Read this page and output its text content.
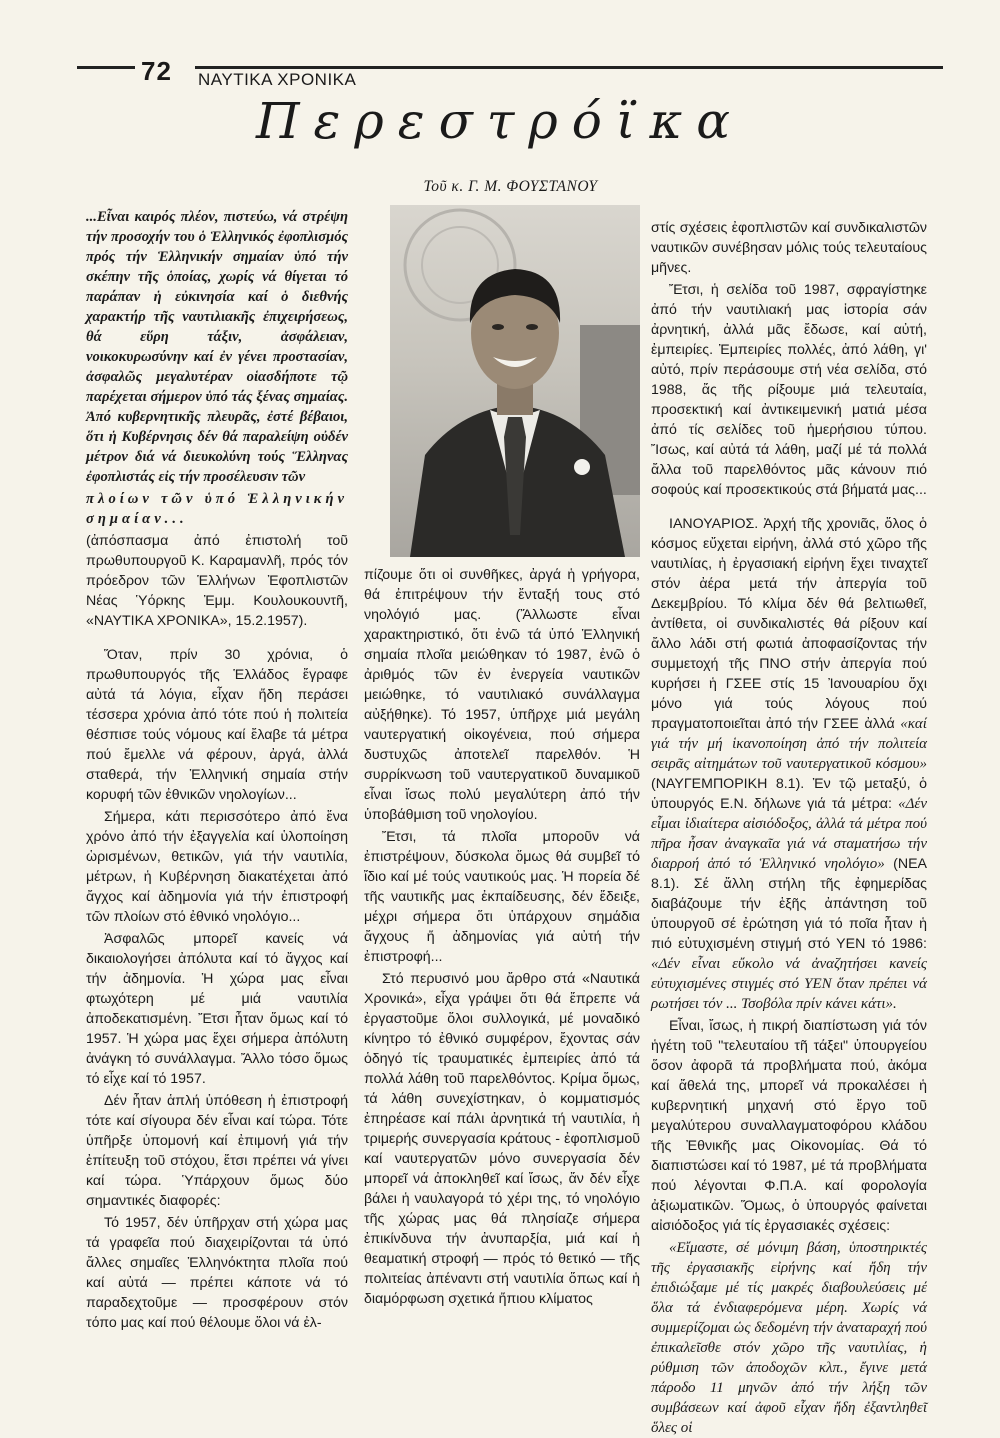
72 ΝΑΥΤΙΚΑ ΧΡΟΝΙΚΑ
Περεστρόϊκα
Τοῦ κ. Γ. Μ. ΦΟΥΣΤΑΝΟΥ

...Εἶναι καιρός πλέον, πιστεύω, νά στρέψη τήν προσοχήν του ὁ Ἑλληνικός ἐφοπλισμός πρός τήν Ἑλληνικήν σημαίαν ὑπό τήν σκέπην τῆς ὁποίας, χωρίς νά θίγεται τό παράπαν ἡ εὐκινησία καί ὁ διεθνής χαρακτήρ τῆς ναυτιλιακῆς ἐπιχειρήσεως, θά εὕρη τάξιν, ἀσφάλειαν, νοικοκυρωσύνην καί ἐν γένει προστασίαν, ἀσφαλῶς μεγαλυτέραν οἱασδήποτε τῷ παρέχεται σήμερον ὑπό τάς ξένας σημαίας. Ἀπό κυβερνητικῆς πλευρᾶς, ἐστέ βέβαιοι, ὅτι ἡ Κυβέρνησις δέν θά παραλείψη οὐδέν μέτρον διά νά διευκολύνη τούς Ἕλληνας ἐφοπλιστάς εἰς τήν προσέλευσιν τῶν

πλοίων τῶν ὑπό Ἑλληνικήν σημαίαν...

(ἀπόσπασμα ἀπό ἐπιστολή τοῦ πρωθυπουργοῦ Κ. Καραμανλῆ, πρός τόν πρόεδρον τῶν Ἑλλήνων Ἐφοπλιστῶν Νέας Ὑόρκης Ἐμμ. Κουλουκουντῆ, «ΝΑΥΤΙΚΑ ΧΡΟΝΙΚΑ», 15.2.1957).

Ὅταν, πρίν 30 χρόνια, ὁ πρωθυπουργός τῆς Ἑλλάδος ἔγραφε αὐτά τά λόγια, εἶχαν ἤδη περάσει τέσσερα χρόνια ἀπό τότε πού ἡ πολιτεία θέσπισε τούς νόμους καί ἔλαβε τά μέτρα πού ἔμελλε νά φέρουν, ἀργά, ἀλλά σταθερά, τήν Ἑλληνική σημαία στήν κορυφή τῶν ἐθνικῶν νηολογίων...

Σήμερα, κάτι περισσότερο ἀπό ἕνα χρόνο ἀπό τήν ἐξαγγελία καί ὑλοποίηση ὡρισμένων, θετικῶν, γιά τήν ναυτιλία, μέτρων, ἡ Κυβέρνηση διακατέχεται ἀπό ἄγχος καί ἀδημονία γιά τήν ἐπιστροφή τῶν πλοίων στό ἐθνικό νηολόγιο...

Ἀσφαλῶς μπορεῖ κανείς νά δικαιολογήσει ἀπόλυτα καί τό ἄγχος καί τήν ἀδημονία. Ἡ χώρα μας εἶναι φτωχότερη μέ μιά ναυτιλία ἀποδεκατισμένη. Ἔτσι ἦταν ὅμως καί τό 1957. Ἡ χώρα μας ἔχει σήμερα ἀπόλυτη ἀνάγκη τό συνάλλαγμα. Ἄλλο τόσο ὅμως τό εἶχε καί τό 1957.

Δέν ἦταν ἁπλή ὑπόθεση ἡ ἐπιστροφή τότε καί σίγουρα δέν εἶναι καί τώρα. Τότε ὑπῆρξε ὑπομονή καί ἐπιμονή γιά τήν ἐπίτευξη τοῦ στόχου, ἔτσι πρέπει νά γίνει καί τώρα. Ὑπάρχουν ὅμως δύο σημαντικές διαφορές:

Τό 1957, δέν ὑπῆρχαν στή χώρα μας τά γραφεῖα πού διαχειρίζονται τά ὑπό ἄλλες σημαῖες Ἑλληνόκτητα πλοῖα πού καί αὐτά — πρέπει κάποτε νά τό παραδεχτοῦμε — προσφέρουν στόν τόπο μας καί πού θέλουμε ὅλοι νά ἐλ-

πίζουμε ὅτι οἱ συνθῆκες, ἀργά ἡ γρήγορα, θά ἐπιτρέψουν τήν ἔνταξή τους στό νηολόγιό μας. (Ἄλλωστε εἶναι χαρακτηριστικό, ὅτι ἐνῶ τά ὑπό Ἑλληνική σημαία πλοῖα μειώθηκαν τό 1987, ἐνῶ ὁ ἀριθμός τῶν ἐν ἐνεργεία ναυτικῶν μειώθηκε, τό ναυτιλιακό συνάλλαγμα αὐξήθηκε). Τό 1957, ὑπῆρχε μιά μεγάλη ναυτεργατική οἰκογένεια, πού σήμερα δυστυχῶς ἀποτελεῖ παρελθόν. Ἡ συρρίκνωση τοῦ ναυτεργατικοῦ δυναμικοῦ εἶναι ἴσως πολύ μεγαλύτερη ἀπό τήν ὑποβάθμιση τοῦ νηολογίου.

Ἔτσι, τά πλοῖα μποροῦν νά ἐπιστρέψουν, δύσκολα ὅμως θά συμβεῖ τό ἴδιο καί μέ τούς ναυτικούς μας. Ἡ πορεία δέ τῆς ναυτικῆς μας ἐκπαίδευσης, δέν ἔδειξε, μέχρι σήμερα ὅτι ὑπάρχουν σημάδια ἄγχους ἤ ἀδημονίας γιά αὐτή τήν ἐπιστροφή...

Στό περυσινό μου ἄρθρο στά «Ναυτικά Χρονικά», εἶχα γράψει ὅτι θά ἔπρεπε νά ἐργαστοῦμε ὅλοι συλλογικά, μέ μοναδικό κίνητρο τό ἐθνικό συμφέρον, ἔχοντας σάν ὁδηγό τίς τραυματικές ἐμπειρίες ἀπό τά πολλά λάθη τοῦ παρελθόντος. Κρίμα ὅμως, τά λάθη συνεχίστηκαν, ὁ κομματισμός ἐπηρέασε καί πάλι ἀρνητικά τή ναυτιλία, ἡ τριμερής συνεργασία κράτους - ἐφοπλισμοῦ καί ναυτεργατῶν μόνο συνεργασία δέν μπορεῖ νά ἀποκληθεῖ καί ἴσως, ἄν δέν εἶχε βάλει ἡ ναυλαγορά τό χέρι της, τό νηολόγιο τῆς χώρας μας θά πλησίαζε σήμερα ἐπικίνδυνα τήν ἀνυπαρξία, μιά καί ἡ θεαματική στροφή — πρός τό θετικό — τῆς πολιτείας ἀπέναντι στή ναυτιλία ὅπως καί ἡ διαμόρφωση σχετικά ἤπιου κλίματος

στίς σχέσεις ἐφοπλιστῶν καί συνδικαλιστῶν ναυτικῶν συνέβησαν μόλις τούς τελευταίους μῆνες.

Ἔτσι, ἡ σελίδα τοῦ 1987, σφραγίστηκε ἀπό τήν ναυτιλιακή μας ἱστορία σάν ἀρνητική, ἀλλά μᾶς ἔδωσε, καί αὐτή, ἐμπειρίες. Ἐμπειρίες πολλές, ἀπό λάθη, γι' αὐτό, πρίν περάσουμε στή νέα σελίδα, στό 1988, ἄς τῆς ρίξουμε μιά τελευταία, προσεκτική καί ἀντικειμενική ματιά μέσα ἀπό τίς σελίδες τοῦ ἡμερήσιου τύπου. Ἴσως, καί αὐτά τά λάθη, μαζί μέ τά πολλά ἄλλα τοῦ παρελθόντος μᾶς κάνουν πιό σοφούς καί προσεκτικούς στά βήματά μας...

ΙΑΝΟΥΑΡΙΟΣ. Ἀρχή τῆς χρονιᾶς, ὅλος ὁ κόσμος εὔχεται εἰρήνη, ἀλλά στό χῶρο τῆς ναυτιλίας, ἡ ἐργασιακή εἰρήνη ἔχει τιναχτεῖ στόν ἀέρα μετά τήν ἀπεργία τοῦ Δεκεμβρίου. Τό κλίμα δέν θά βελτιωθεῖ, ἀντίθετα, οἱ συνδικαλιστές θά ρίξουν καί ἄλλο λάδι στή φωτιά ἀποφασίζοντας τήν συμμετοχή τῆς ΠΝΟ στήν ἀπεργία πού κυρήσει ἡ ΓΣΕΕ στίς 15 Ἰανουαρίου ὄχι μόνο γιά τούς λόγους πού πραγματοποιεῖται ἀπό τήν ΓΣΕΕ ἀλλά «καί γιά τήν μή ἱκανοποίηση ἀπό τήν πολιτεία σειρᾶς αἰτημάτων τοῦ ναυτεργατικοῦ κόσμου» (ΝΑΥΓΕΜΠΟΡΙΚΗ 8.1). Ἐν τῷ μεταξύ, ὁ ὑπουργός Ε.Ν. δήλωνε γιά τά μέτρα: «Δέν εἶμαι ἰδιαίτερα αἰσιόδοξος, ἀλλά τά μέτρα πού πῆρα ἦσαν ἀναγκαῖα γιά νά σταματήσω τήν διαρροή ἀπό τό Ἑλληνικό νηολόγιο» (ΝΕΑ 8.1). Σέ ἄλλη στήλη τῆς ἐφημερίδας διαβάζουμε τήν ἑξῆς ἀπάντηση τοῦ ὑπουργοῦ σέ ἐρώτηση γιά τό ποῖα ἦταν ἡ πιό εὐτυχισμένη στιγμή στό ΥΕΝ τό 1986: «Δέν εἶναι εὔκολο νά ἀναζητήσει κανείς εὐτυχισμένες στιγμές στό ΥΕΝ ὅταν πρέπει νά ρωτήσει τόν ... Τσοβόλα πρίν κάνει κάτι».

Εἶναι, ἴσως, ἡ πικρή διαπίστωση γιά τόν ἡγέτη τοῦ "τελευταίου τῆ τάξει" ὑπουργείου ὅσον ἀφορᾶ τά προβλήματα πού, ἀκόμα καί ἄθελά της, μπορεῖ νά προκαλέσει ἡ κυβερνητική μηχανή στό ἔργο τοῦ μεγαλύτερου συναλλαγματοφόρου κλάδου τῆς Ἐθνικῆς μας Οἰκονομίας. Θά τό διαπιστώσει καί τό 1987, μέ τά προβλήματα πού λέγονται Φ.Π.Α. καί φορολογία ἀξιωματικῶν. Ὅμως, ὁ ὑπουργός φαίνεται αἰσιόδοξος γιά τίς ἐργασιακές σχέσεις:

«Εἴμαστε, σέ μόνιμη βάση, ὑποστηρικτές τῆς ἐργασιακῆς εἰρήνης καί ἤδη τήν ἐπιδιώξαμε μέ τίς μακρές διαβουλεύσεις μέ ὅλα τά ἐνδιαφερόμενα μέρη. Χωρίς νά συμμερίζομαι ὡς δεδομένη τήν ἀναταραχή πού ἐπικαλεῖσθε στόν χῶρο τῆς ναυτιλίας, ἡ ρύθμιση τῶν ἀποδοχῶν κλπ., ἔγινε μετά πάροδο 11 μηνῶν ἀπό τήν λήξη τῶν συμβάσεων καί ἀφοῦ εἶχαν ἤδη ἐξαντληθεῖ ὅλες οἱ
